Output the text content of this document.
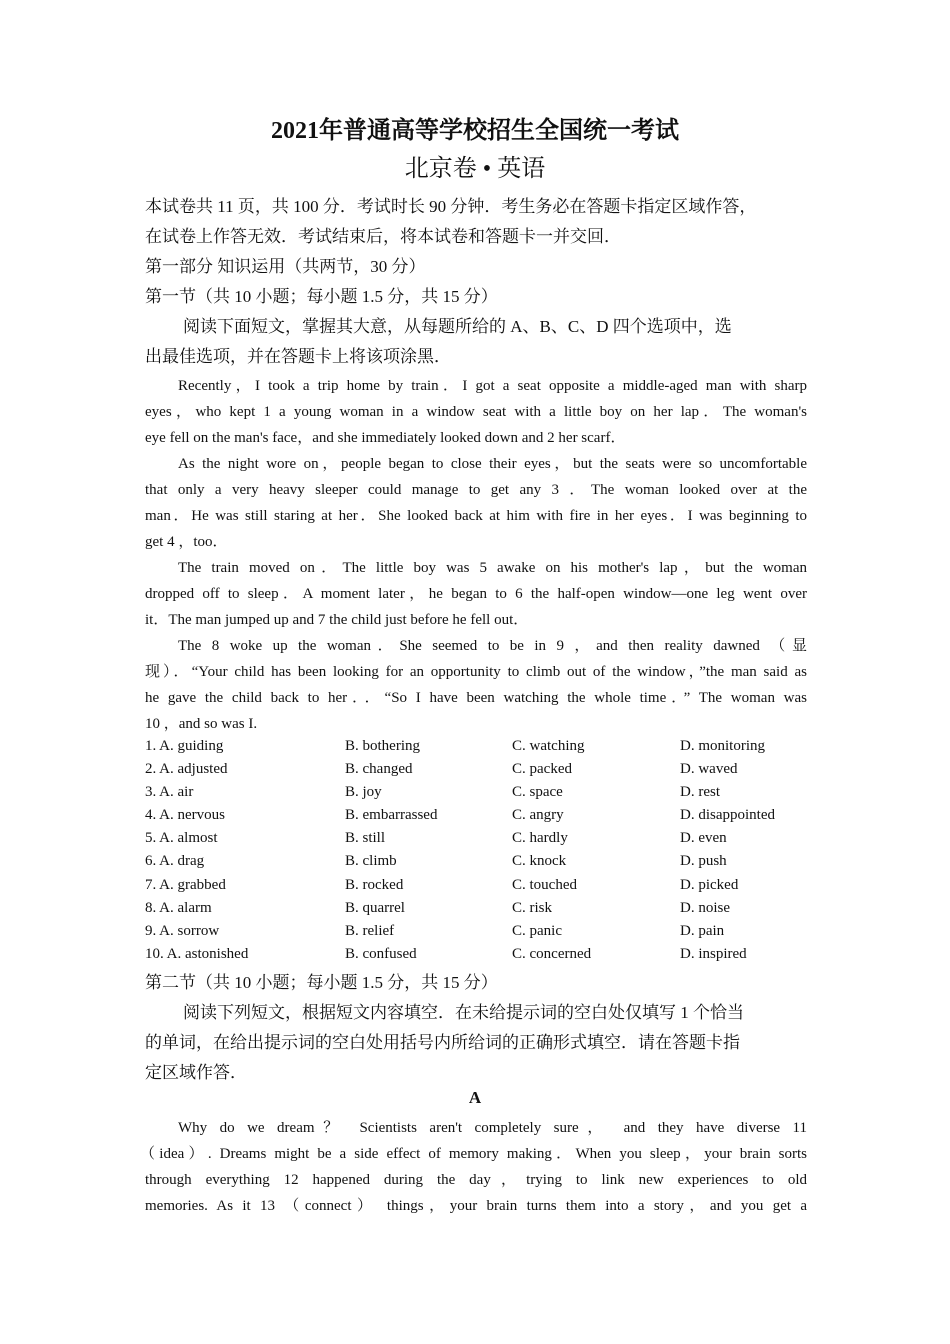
2021年普通高等学校招生全国统一考试
北京卷 • 英语
本试卷共 11 页，共 100 分．考试时长 90 分钟．考生务必在答题卡指定区域作答，
在试卷上作答无效．考试结束后，将本试卷和答题卡一并交回．
第一部分 知识运用（共两节，30 分）
第一节（共 10 小题；每小题 1.5 分，共 15 分）
阅读下面短文，掌握其大意，从每题所给的 A、B、C、D 四个选项中，选
出最佳选项，并在答题卡上将该项涂黑．
Recently，I took a trip home by train．I got a seat opposite a middle-aged man with sharp
eyes，who kept 1 a young woman in a window seat with a little boy on her lap．The woman's
eye fell on the man's face，and she immediately looked down and 2 her scarf．
As the night wore on，people began to close their eyes，but the seats were so uncomfortable
that only a very heavy sleeper could manage to get any 3 ．The woman looked over at the
man．He was still staring at her．She looked back at him with fire in her eyes．I was beginning to
get 4 ，too．
The train moved on．The little boy was 5 awake on his mother's lap，but the woman
dropped off to sleep．A moment later，he began to 6 the half-open window—one leg went over
it．The man jumped up and 7 the child just before he fell out．
The 8 woke up the woman．She seemed to be in 9 ，and then reality dawned （显
现）．“Your child has been looking for an opportunity to climb out of the window，”the man said as
he gave the child back to her．．“So I have been watching the whole time．” The woman was
10 ，and so was I.
1. A. guiding	B. bothering	C. watching	D. monitoring
2. A. adjusted	B. changed	C. packed	D. waved
3. A. air	B. joy	C. space	D. rest
4. A. nervous	B. embarrassed	C. angry	D. disappointed
5. A. almost	B. still	C. hardly	D. even
6. A. drag	B. climb	C. knock	D. push
7. A. grabbed	B. rocked	C. touched	D. picked
8. A. alarm	B. quarrel	C. risk	D. noise
9. A. sorrow	B. relief	C. panic	D. pain
10. A. astonished	B. confused	C. concerned	D. inspired
第二节（共 10 小题；每小题 1.5 分，共 15 分）
阅读下列短文，根据短文内容填空．在未给提示词的空白处仅填写 1 个恰当
的单词，在给出提示词的空白处用括号内所给词的正确形式填空．请在答题卡指
定区域作答．
A
Why do we dream？ Scientists aren't completely sure， and they have diverse 11
（idea）. Dreams might be a side effect of memory making．When you sleep，your brain sorts
through everything 12 happened during the day，trying to link new experiences to old
memories. As it 13 （connect） things，your brain turns them into a story，and you get a
